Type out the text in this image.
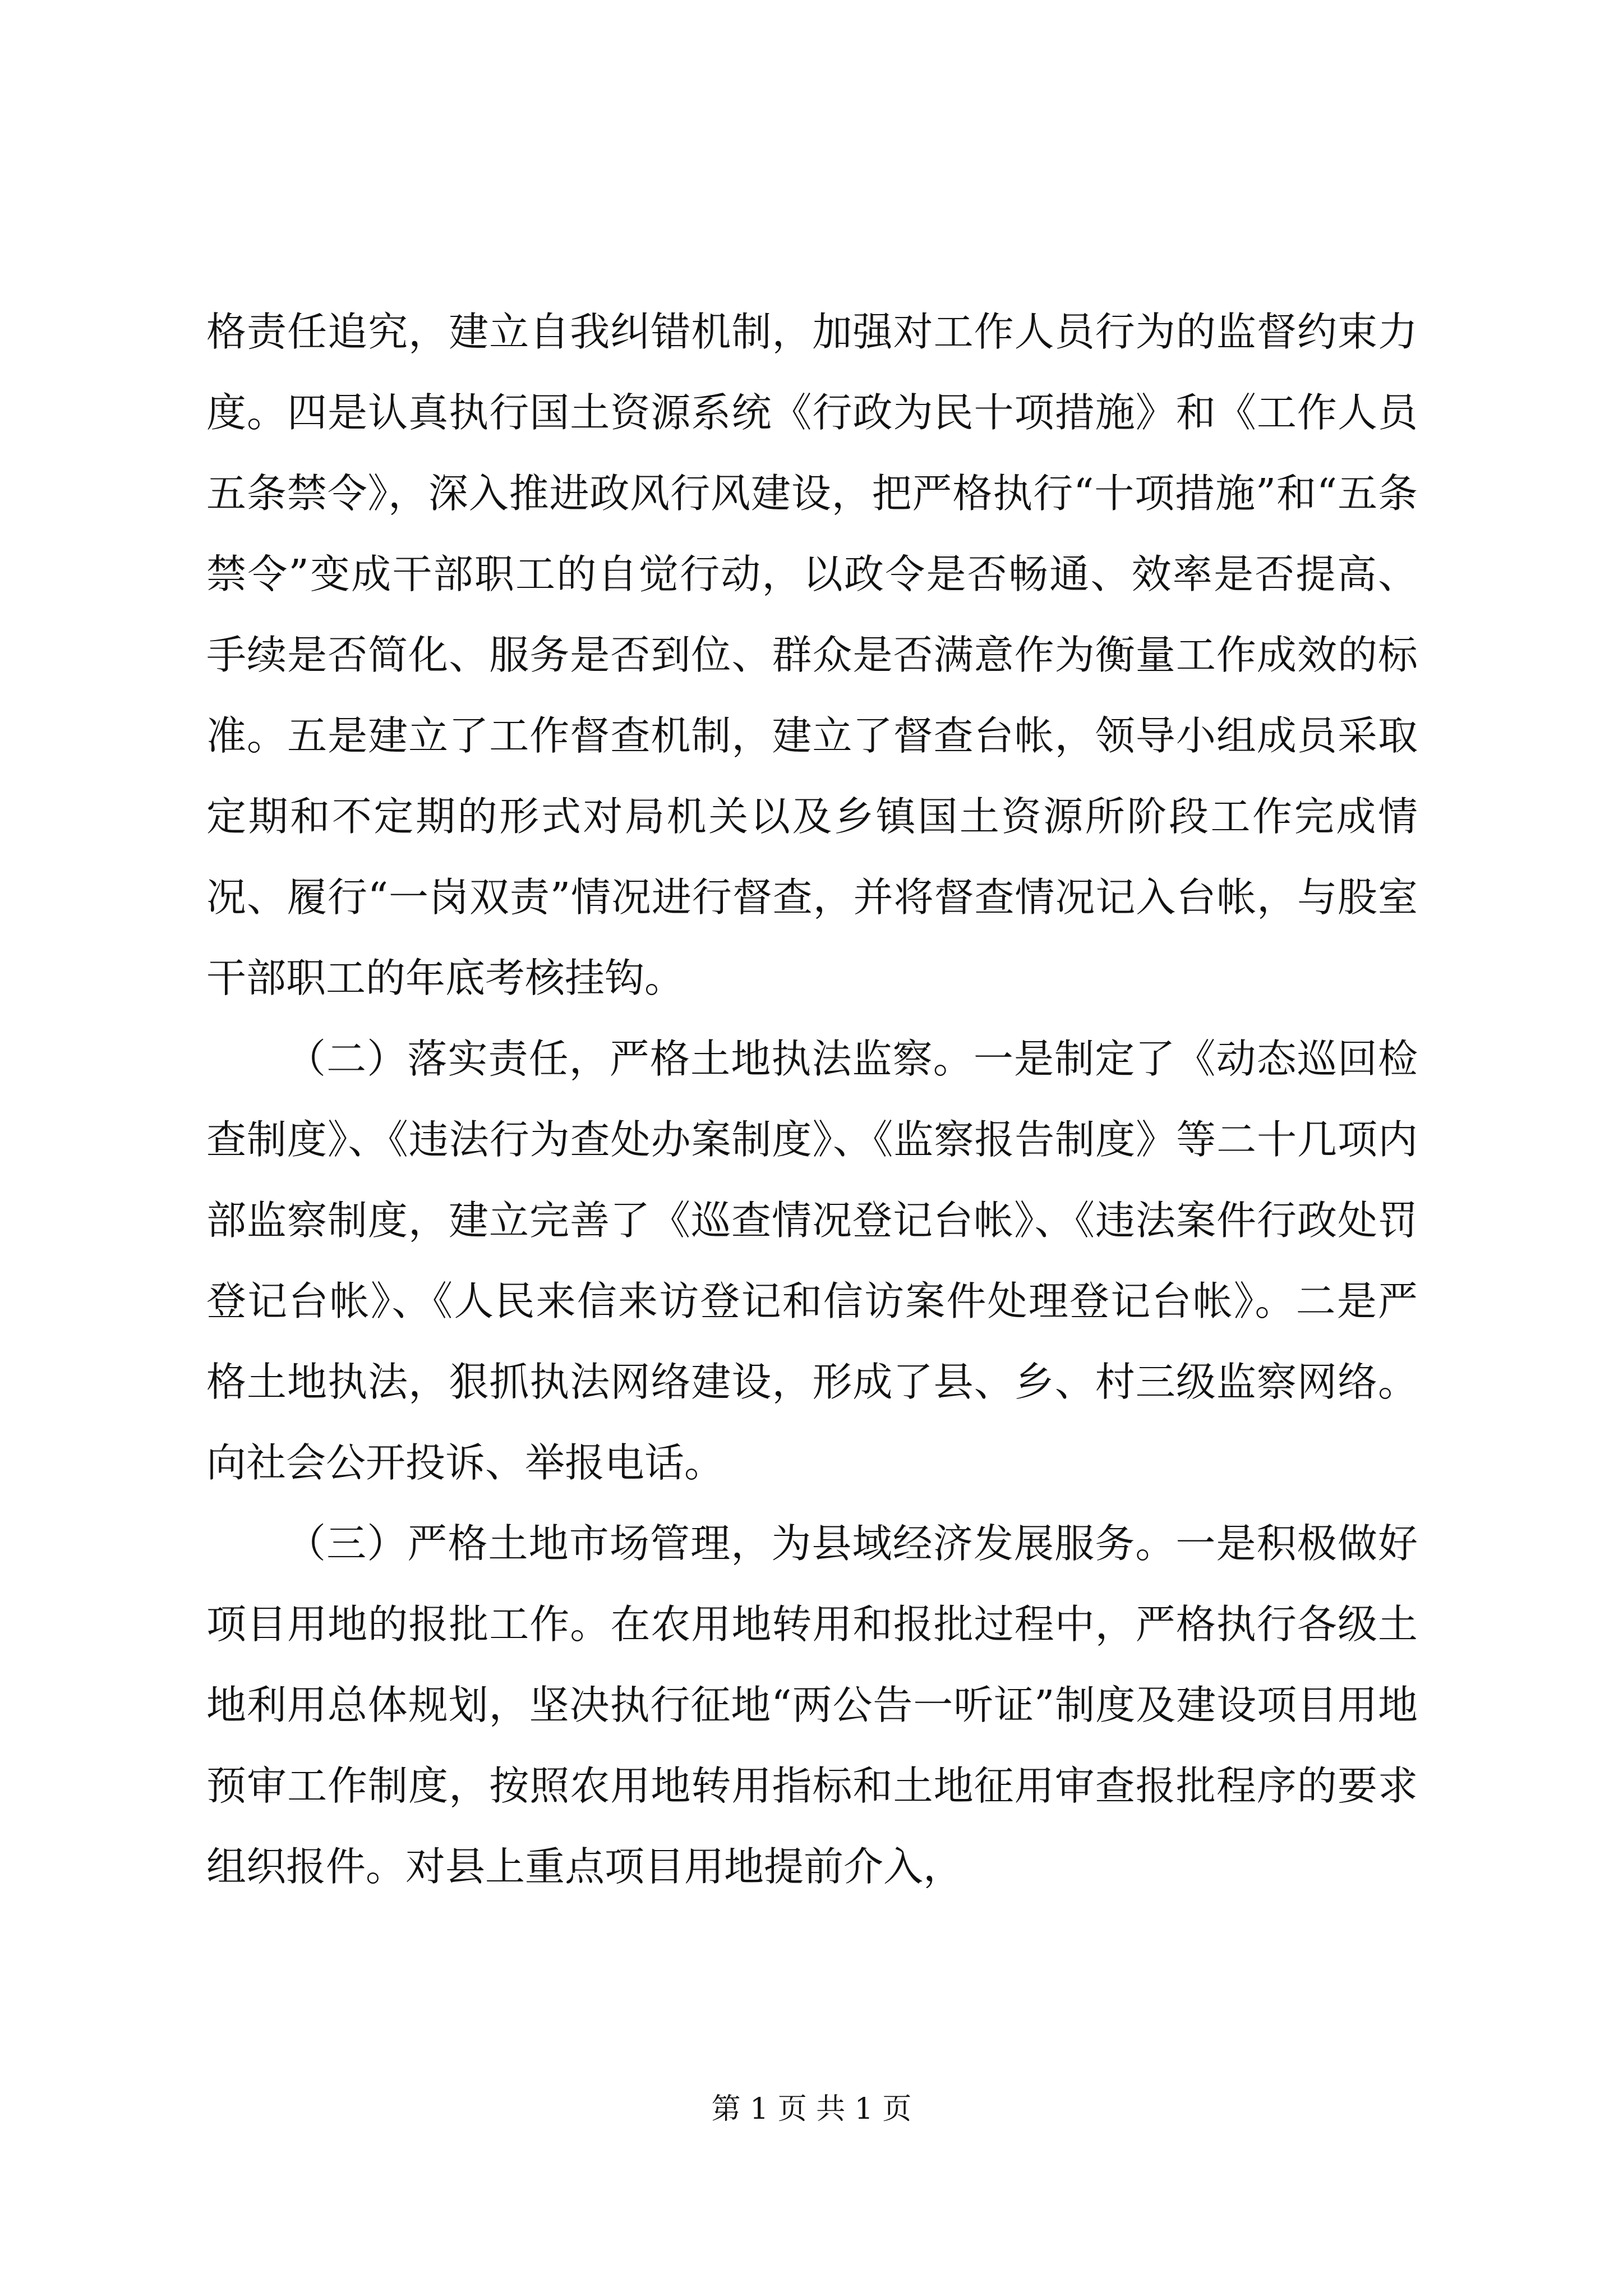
格责任追究，建立自我纠错机制，加强对工作人员行为的监督约束力度。四是认真执行国土资源系统《行政为民十项措施》和《工作人员五条禁令》，深入推进政风行风建设，把严格执行“十项措施”和“五条禁令”变成干部职工的自觉行动，以政令是否畅通、效率是否提高、手续是否简化、服务是否到位、群众是否满意作为衡量工作成效的标准。五是建立了工作督查机制，建立了督查台帐，领导小组成员采取定期和不定期的形式对局机关以及乡镇国土资源所阶段工作完成情况、履行“一岗双责”情况进行督查，并将督查情况记入台帐，与股室干部职工的年底考核挂钩。

（二）落实责任，严格土地执法监察。一是制定了《动态巡回检查制度》、《违法行为查处办案制度》、《监察报告制度》等二十几项内部监察制度，建立完善了《巡查情况登记台帐》、《违法案件行政处罚登记台帐》、《人民来信来访登记和信访案件处理登记台帐》。二是严格土地执法，狠抓执法网络建设，形成了县、乡、村三级监察网络。向社会公开投诉、举报电话。

（三）严格土地市场管理，为县域经济发展服务。一是积极做好项目用地的报批工作。在农用地转用和报批过程中，严格执行各级土地利用总体规划，坚决执行征地“两公告一听证”制度及建设项目用地预审工作制度，按照农用地转用指标和土地征用审查报批程序的要求组织报件。对县上重点项目用地提前介入，

第 1 页 共 1 页
